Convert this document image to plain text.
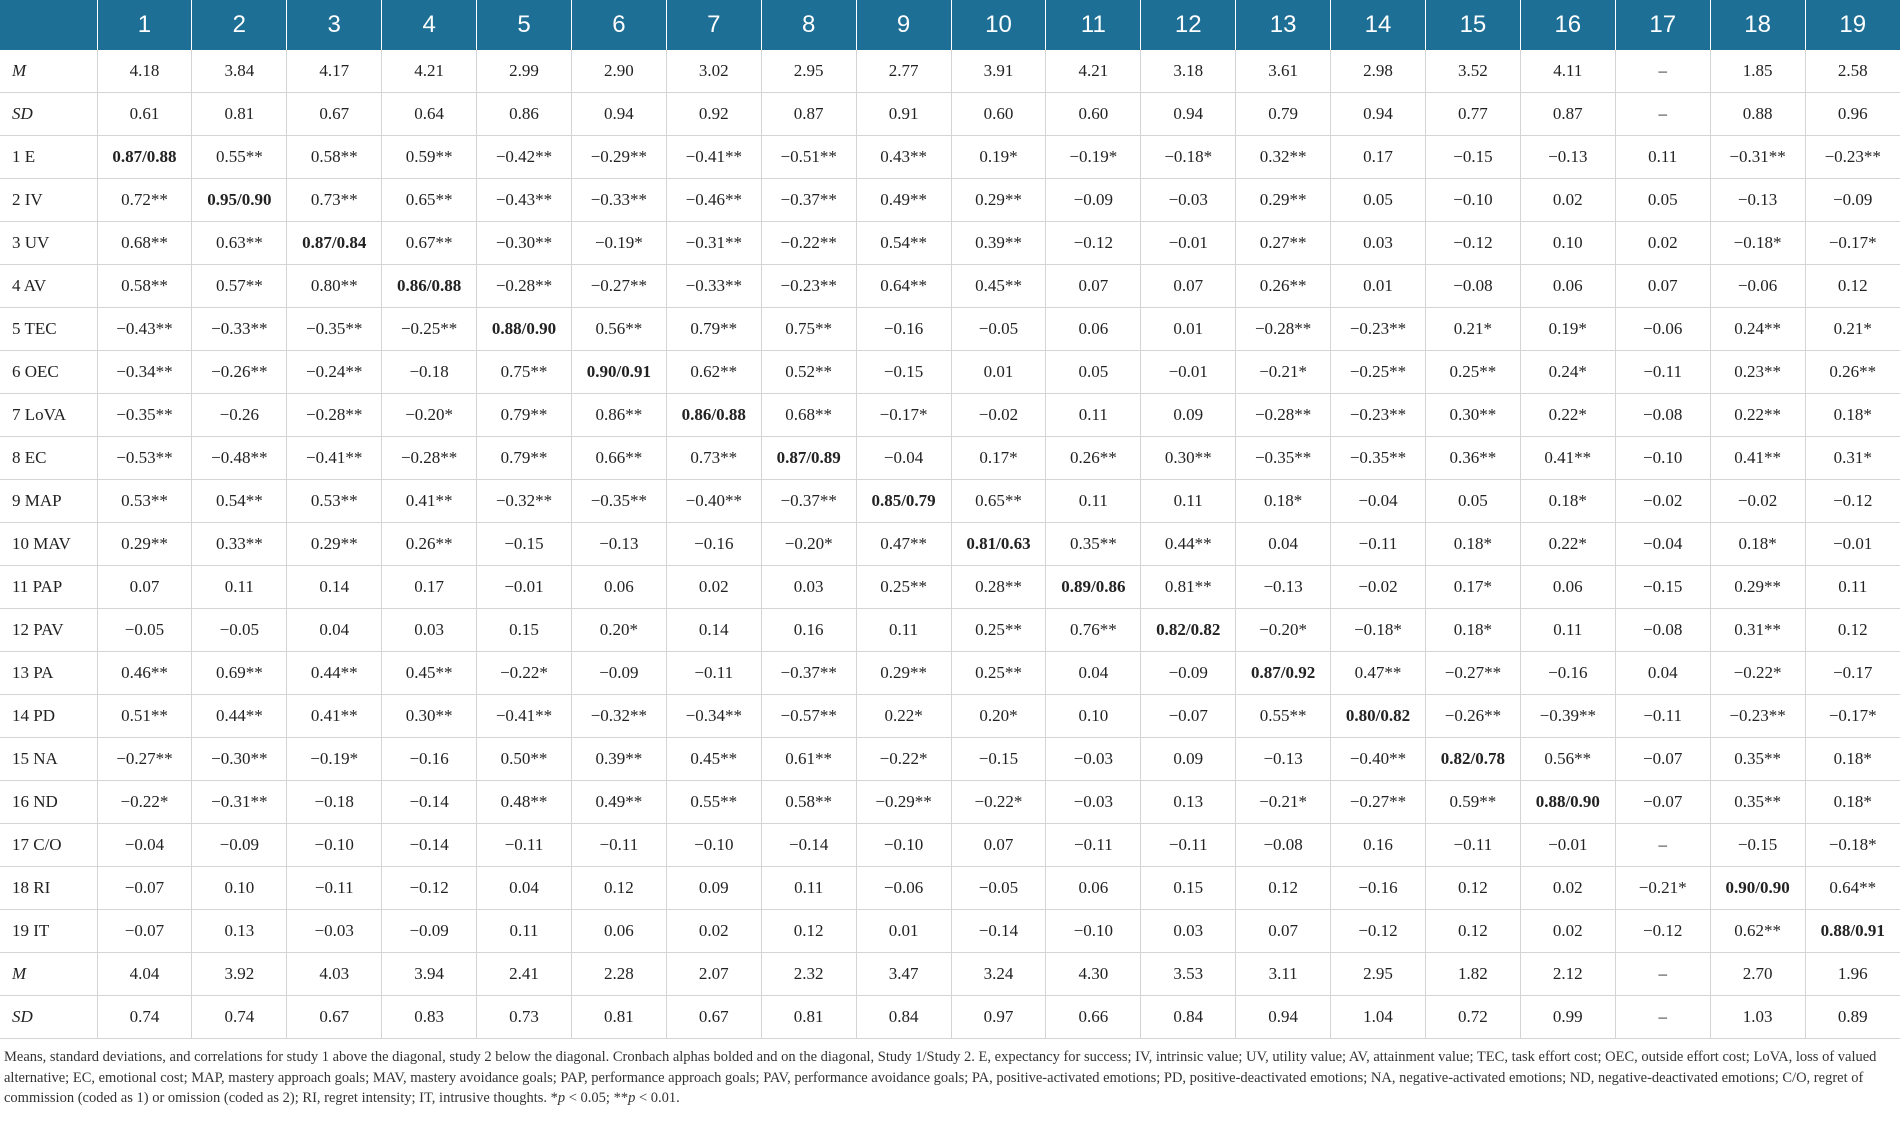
	1	2	3	4	5	6	7	8	9	10	11	12	13	14	15	16	17	18	19
M	4.18	3.84	4.17	4.21	2.99	2.90	3.02	2.95	2.77	3.91	4.21	3.18	3.61	2.98	3.52	4.11	–	1.85	2.58
SD	0.61	0.81	0.67	0.64	0.86	0.94	0.92	0.87	0.91	0.60	0.60	0.94	0.79	0.94	0.77	0.87	–	0.88	0.96
1 E	0.87/0.88	0.55**	0.58**	0.59**	−0.42**	−0.29**	−0.41**	−0.51**	0.43**	0.19*	−0.19*	−0.18*	0.32**	0.17	−0.15	−0.13	0.11	−0.31**	−0.23**
2 IV	0.72**	0.95/0.90	0.73**	0.65**	−0.43**	−0.33**	−0.46**	−0.37**	0.49**	0.29**	−0.09	−0.03	0.29**	0.05	−0.10	0.02	0.05	−0.13	−0.09
3 UV	0.68**	0.63**	0.87/0.84	0.67**	−0.30**	−0.19*	−0.31**	−0.22**	0.54**	0.39**	−0.12	−0.01	0.27**	0.03	−0.12	0.10	0.02	−0.18*	−0.17*
4 AV	0.58**	0.57**	0.80**	0.86/0.88	−0.28**	−0.27**	−0.33**	−0.23**	0.64**	0.45**	0.07	0.07	0.26**	0.01	−0.08	0.06	0.07	−0.06	0.12
5 TEC	−0.43**	−0.33**	−0.35**	−0.25**	0.88/0.90	0.56**	0.79**	0.75**	−0.16	−0.05	0.06	0.01	−0.28**	−0.23**	0.21*	0.19*	−0.06	0.24**	0.21*
6 OEC	−0.34**	−0.26**	−0.24**	−0.18	0.75**	0.90/0.91	0.62**	0.52**	−0.15	0.01	0.05	−0.01	−0.21*	−0.25**	0.25**	0.24*	−0.11	0.23**	0.26**
7 LoVA	−0.35**	−0.26	−0.28**	−0.20*	0.79**	0.86**	0.86/0.88	0.68**	−0.17*	−0.02	0.11	0.09	−0.28**	−0.23**	0.30**	0.22*	−0.08	0.22**	0.18*
8 EC	−0.53**	−0.48**	−0.41**	−0.28**	0.79**	0.66**	0.73**	0.87/0.89	−0.04	0.17*	0.26**	0.30**	−0.35**	−0.35**	0.36**	0.41**	−0.10	0.41**	0.31*
9 MAP	0.53**	0.54**	0.53**	0.41**	−0.32**	−0.35**	−0.40**	−0.37**	0.85/0.79	0.65**	0.11	0.11	0.18*	−0.04	0.05	0.18*	−0.02	−0.02	−0.12
10 MAV	0.29**	0.33**	0.29**	0.26**	−0.15	−0.13	−0.16	−0.20*	0.47**	0.81/0.63	0.35**	0.44**	0.04	−0.11	0.18*	0.22*	−0.04	0.18*	−0.01
11 PAP	0.07	0.11	0.14	0.17	−0.01	0.06	0.02	0.03	0.25**	0.28**	0.89/0.86	0.81**	−0.13	−0.02	0.17*	0.06	−0.15	0.29**	0.11
12 PAV	−0.05	−0.05	0.04	0.03	0.15	0.20*	0.14	0.16	0.11	0.25**	0.76**	0.82/0.82	−0.20*	−0.18*	0.18*	0.11	−0.08	0.31**	0.12
13 PA	0.46**	0.69**	0.44**	0.45**	−0.22*	−0.09	−0.11	−0.37**	0.29**	0.25**	0.04	−0.09	0.87/0.92	0.47**	−0.27**	−0.16	0.04	−0.22*	−0.17
14 PD	0.51**	0.44**	0.41**	0.30**	−0.41**	−0.32**	−0.34**	−0.57**	0.22*	0.20*	0.10	−0.07	0.55**	0.80/0.82	−0.26**	−0.39**	−0.11	−0.23**	−0.17*
15 NA	−0.27**	−0.30**	−0.19*	−0.16	0.50**	0.39**	0.45**	0.61**	−0.22*	−0.15	−0.03	0.09	−0.13	−0.40**	0.82/0.78	0.56**	−0.07	0.35**	0.18*
16 ND	−0.22*	−0.31**	−0.18	−0.14	0.48**	0.49**	0.55**	0.58**	−0.29**	−0.22*	−0.03	0.13	−0.21*	−0.27**	0.59**	0.88/0.90	−0.07	0.35**	0.18*
17 C/O	−0.04	−0.09	−0.10	−0.14	−0.11	−0.11	−0.10	−0.14	−0.10	0.07	−0.11	−0.11	−0.08	0.16	−0.11	−0.01	–	−0.15	−0.18*
18 RI	−0.07	0.10	−0.11	−0.12	0.04	0.12	0.09	0.11	−0.06	−0.05	0.06	0.15	0.12	−0.16	0.12	0.02	−0.21*	0.90/0.90	0.64**
19 IT	−0.07	0.13	−0.03	−0.09	0.11	0.06	0.02	0.12	0.01	−0.14	−0.10	0.03	0.07	−0.12	0.12	0.02	−0.12	0.62**	0.88/0.91
M	4.04	3.92	4.03	3.94	2.41	2.28	2.07	2.32	3.47	3.24	4.30	3.53	3.11	2.95	1.82	2.12	–	2.70	1.96
SD	0.74	0.74	0.67	0.83	0.73	0.81	0.67	0.81	0.84	0.97	0.66	0.84	0.94	1.04	0.72	0.99	–	1.03	0.89
Means, standard deviations, and correlations for study 1 above the diagonal, study 2 below the diagonal. Cronbach alphas bolded and on the diagonal, Study 1/Study 2. E, expectancy for success; IV, intrinsic value; UV, utility value; AV, attainment value; TEC, task effort cost; OEC, outside effort cost; LoVA, loss of valued alternative; EC, emotional cost; MAP, mastery approach goals; MAV, mastery avoidance goals; PAP, performance approach goals; PAV, performance avoidance goals; PA, positive-activated emotions; PD, positive-deactivated emotions; NA, negative-activated emotions; ND, negative-deactivated emotions; C/O, regret of commission (coded as 1) or omission (coded as 2); RI, regret intensity; IT, intrusive thoughts. *p < 0.05; **p < 0.01.
